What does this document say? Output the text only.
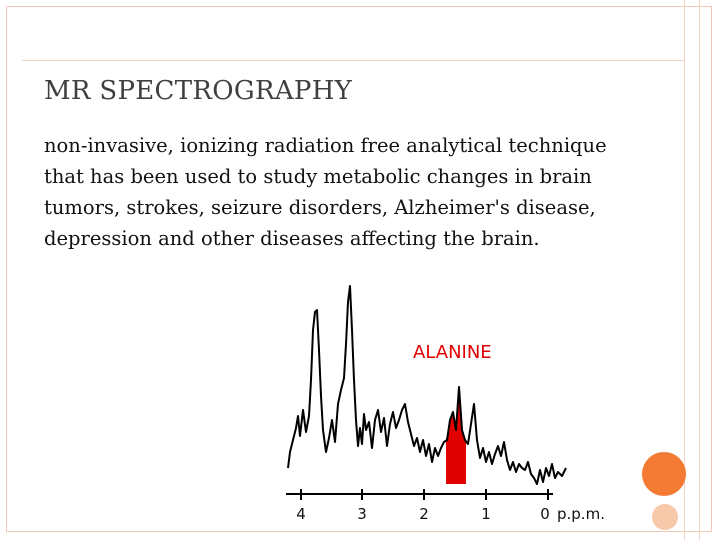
MR SPECTROGRAPHY

non-invasive, ionizing radiation free analytical technique that has been used to study metabolic changes in brain tumors, strokes, seizure disorders, Alzheimer's disease, depression and other diseases affecting the brain.

4	3	2	1	0 p.p.m.
ALANINE
